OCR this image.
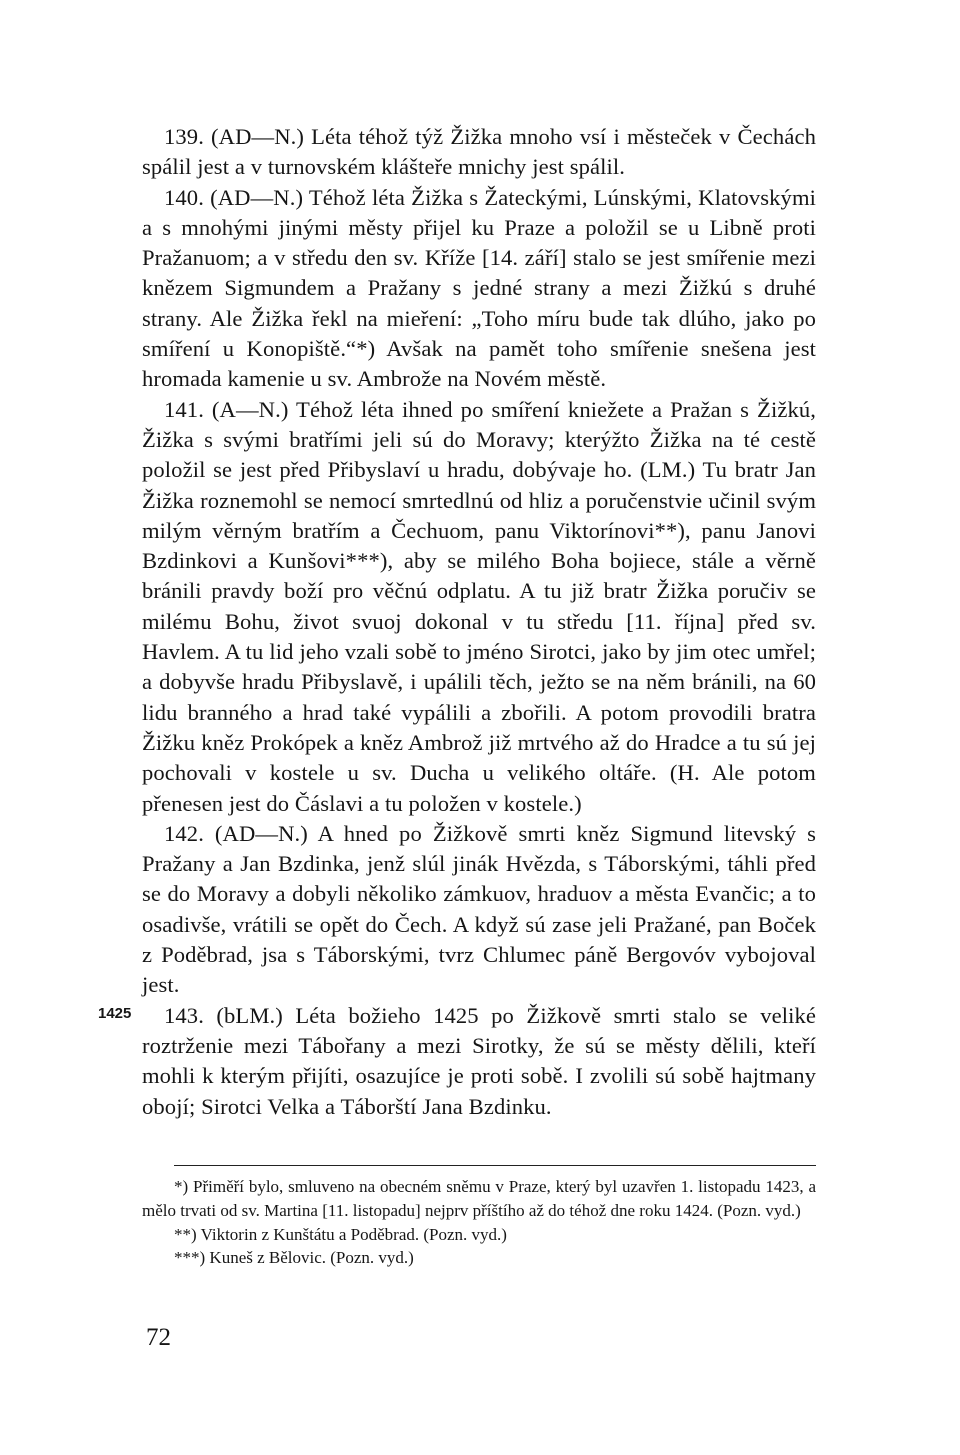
139. (AD—N.) Léta téhož týž Žižka mnoho vsí i městeček v Čechách spálil jest a v turnovském klášteře mnichy jest spálil.

140. (AD—N.) Téhož léta Žižka s Žateckými, Lúnskými, Klatovskými a s mnohými jinými městy přijel ku Praze a položil se u Libně proti Pražanuom; a v středu den sv. Kříže [14. září] stalo se jest smířenie mezi knězem Sigmundem a Pražany s jedné strany a mezi Žižkú s druhé strany. Ale Žižka řekl na mieření: „Toho míru bude tak dlúho, jako po smíření u Konopiště.“*) Avšak na pamět toho smířenie snešena jest hromada kamenie u sv. Ambrože na Novém městě.

141. (A—N.) Téhož léta ihned po smíření kniežete a Pražan s Žižkú, Žižka s svými bratřími jeli sú do Moravy; kterýžto Žižka na té cestě položil se jest před Přibyslaví u hradu, dobývaje ho. (LM.) Tu bratr Jan Žižka roznemohl se nemocí smrtedlnú od hliz a poručenstvie učinil svým milým věrným bratřím a Čechuom, panu Viktorínovi**), panu Janovi Bzdinkovi a Kunšovi***), aby se milého Boha bojiece, stále a věrně bránili pravdy boží pro věčnú odplatu. A tu již bratr Žižka poručiv se milému Bohu, život svuoj dokonal v tu středu [11. října] před sv. Havlem. A tu lid jeho vzali sobě to jméno Sirotci, jako by jim otec umřel; a dobyvše hradu Přibyslavě, i upálili těch, ježto se na něm bránili, na 60 lidu branného a hrad také vypálili a zbořili. A potom provodili bratra Žižku kněz Prokópek a kněz Ambrož již mrtvého až do Hradce a tu sú jej pochovali v kostele u sv. Ducha u velikého oltáře. (H. Ale potom přenesen jest do Čáslavi a tu položen v kostele.)

142. (AD—N.) A hned po Žižkově smrti kněz Sigmund litevský s Pražany a Jan Bzdinka, jenž slúl jinák Hvězda, s Táborskými, táhli před se do Moravy a dobyli několiko zámkuov, hraduov a města Evančic; a to osadivše, vrátili se opět do Čech. A když sú zase jeli Pražané, pan Boček z Poděbrad, jsa s Táborskými, tvrz Chlumec páně Bergovóv vybojoval jest.

1425 143. (bLM.) Léta božieho 1425 po Žižkově smrti stalo se veliké roztrženie mezi Tábořany a mezi Sirotky, že sú se městy dělili, kteří mohli k kterým přijíti, osazujíce je proti sobě. I zvolili sú sobě hajtmany obojí; Sirotci Velka a Táborští Jana Bzdinku.

*) Přiměří bylo, smluveno na obecném sněmu v Praze, který byl uzavřen 1. listopadu 1423, a mělo trvati od sv. Martina [11. listopadu] nejprv příštího až do téhož dne roku 1424. (Pozn. vyd.)

**) Viktorin z Kunštátu a Poděbrad. (Pozn. vyd.)

***) Kuneš z Bělovic. (Pozn. vyd.)

72
